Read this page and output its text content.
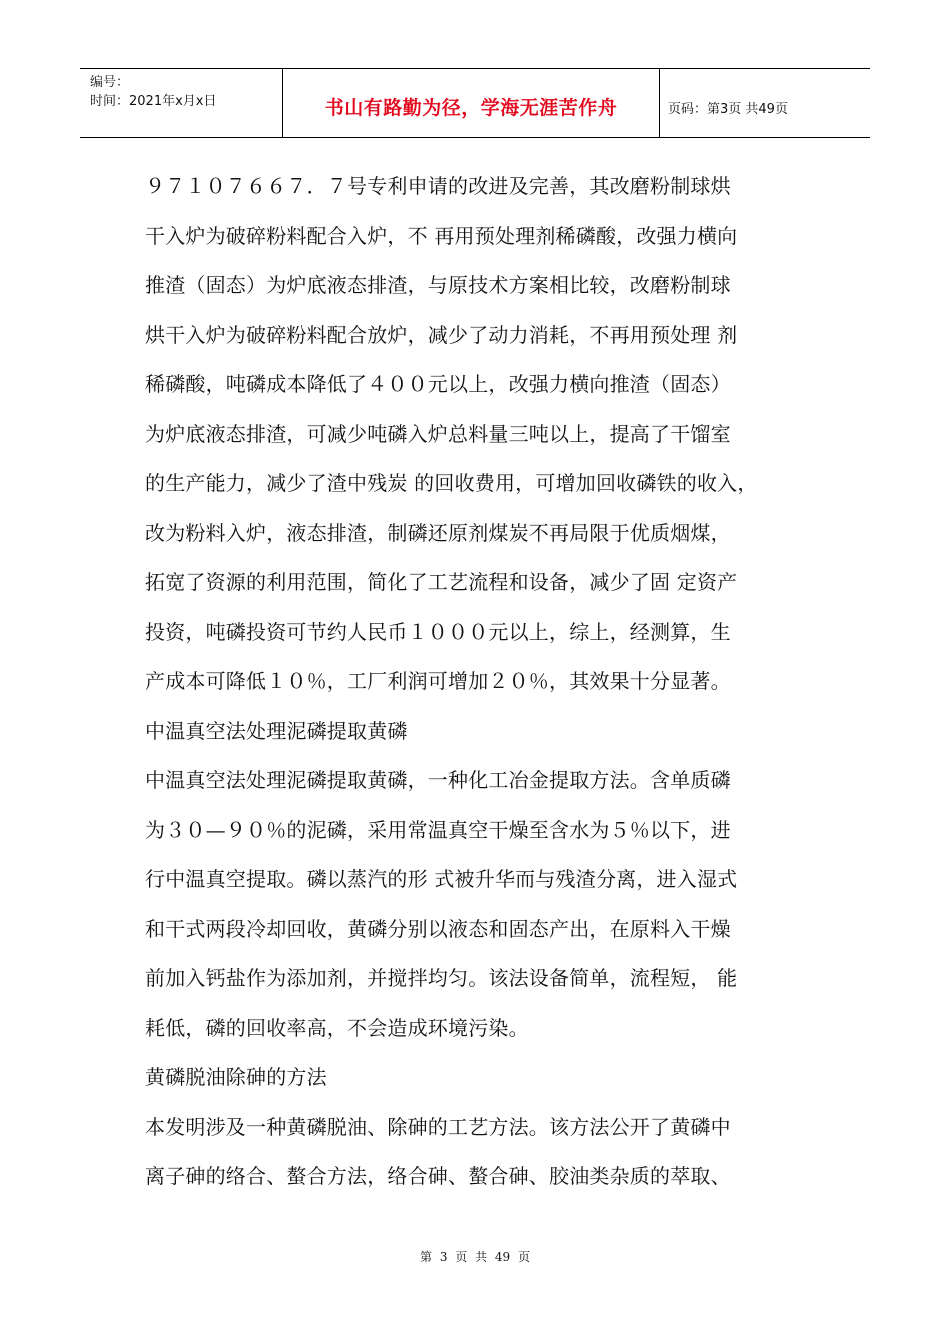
编号：
时间：2021年x月x日	书山有路勤为径，学海无涯苦作舟	页码：第3页 共49页
９７１０７６６７．７号专利申请的改进及完善，其改磨粉制球烘
干入炉为破碎粉料配合入炉，不 再用预处理剂稀磷酸，改强力横向
推渣（固态）为炉底液态排渣，与原技术方案相比较，改磨粉制球
烘干入炉为破碎粉料配合放炉，减少了动力消耗，不再用预处理 剂
稀磷酸，吨磷成本降低了４００元以上，改强力横向推渣（固态）
为炉底液态排渣，可减少吨磷入炉总料量三吨以上，提高了干馏室
的生产能力，减少了渣中残炭 的回收费用，可增加回收磷铁的收入，
改为粉料入炉，液态排渣，制磷还原剂煤炭不再局限于优质烟煤，
拓宽了资源的利用范围，简化了工艺流程和设备，减少了固 定资产
投资，吨磷投资可节约人民币１０００元以上，综上，经测算，生
产成本可降低１０％，工厂利润可增加２０％，其效果十分显著。
中温真空法处理泥磷提取黄磷
中温真空法处理泥磷提取黄磷，一种化工冶金提取方法。含单质磷
为３０—９０％的泥磷，采用常温真空干燥至含水为５％以下，进
行中温真空提取。磷以蒸汽的形 式被升华而与残渣分离，进入湿式
和干式两段冷却回收，黄磷分别以液态和固态产出，在原料入干燥
前加入钙盐作为添加剂，并搅拌均匀。该法设备简单，流程短， 能
耗低，磷的回收率高，不会造成环境污染。
黄磷脱油除砷的方法
本发明涉及一种黄磷脱油、除砷的工艺方法。该方法公开了黄磷中
离子砷的络合、螯合方法，络合砷、螯合砷、胶油类杂质的萃取、
第 3 页 共 49 页
